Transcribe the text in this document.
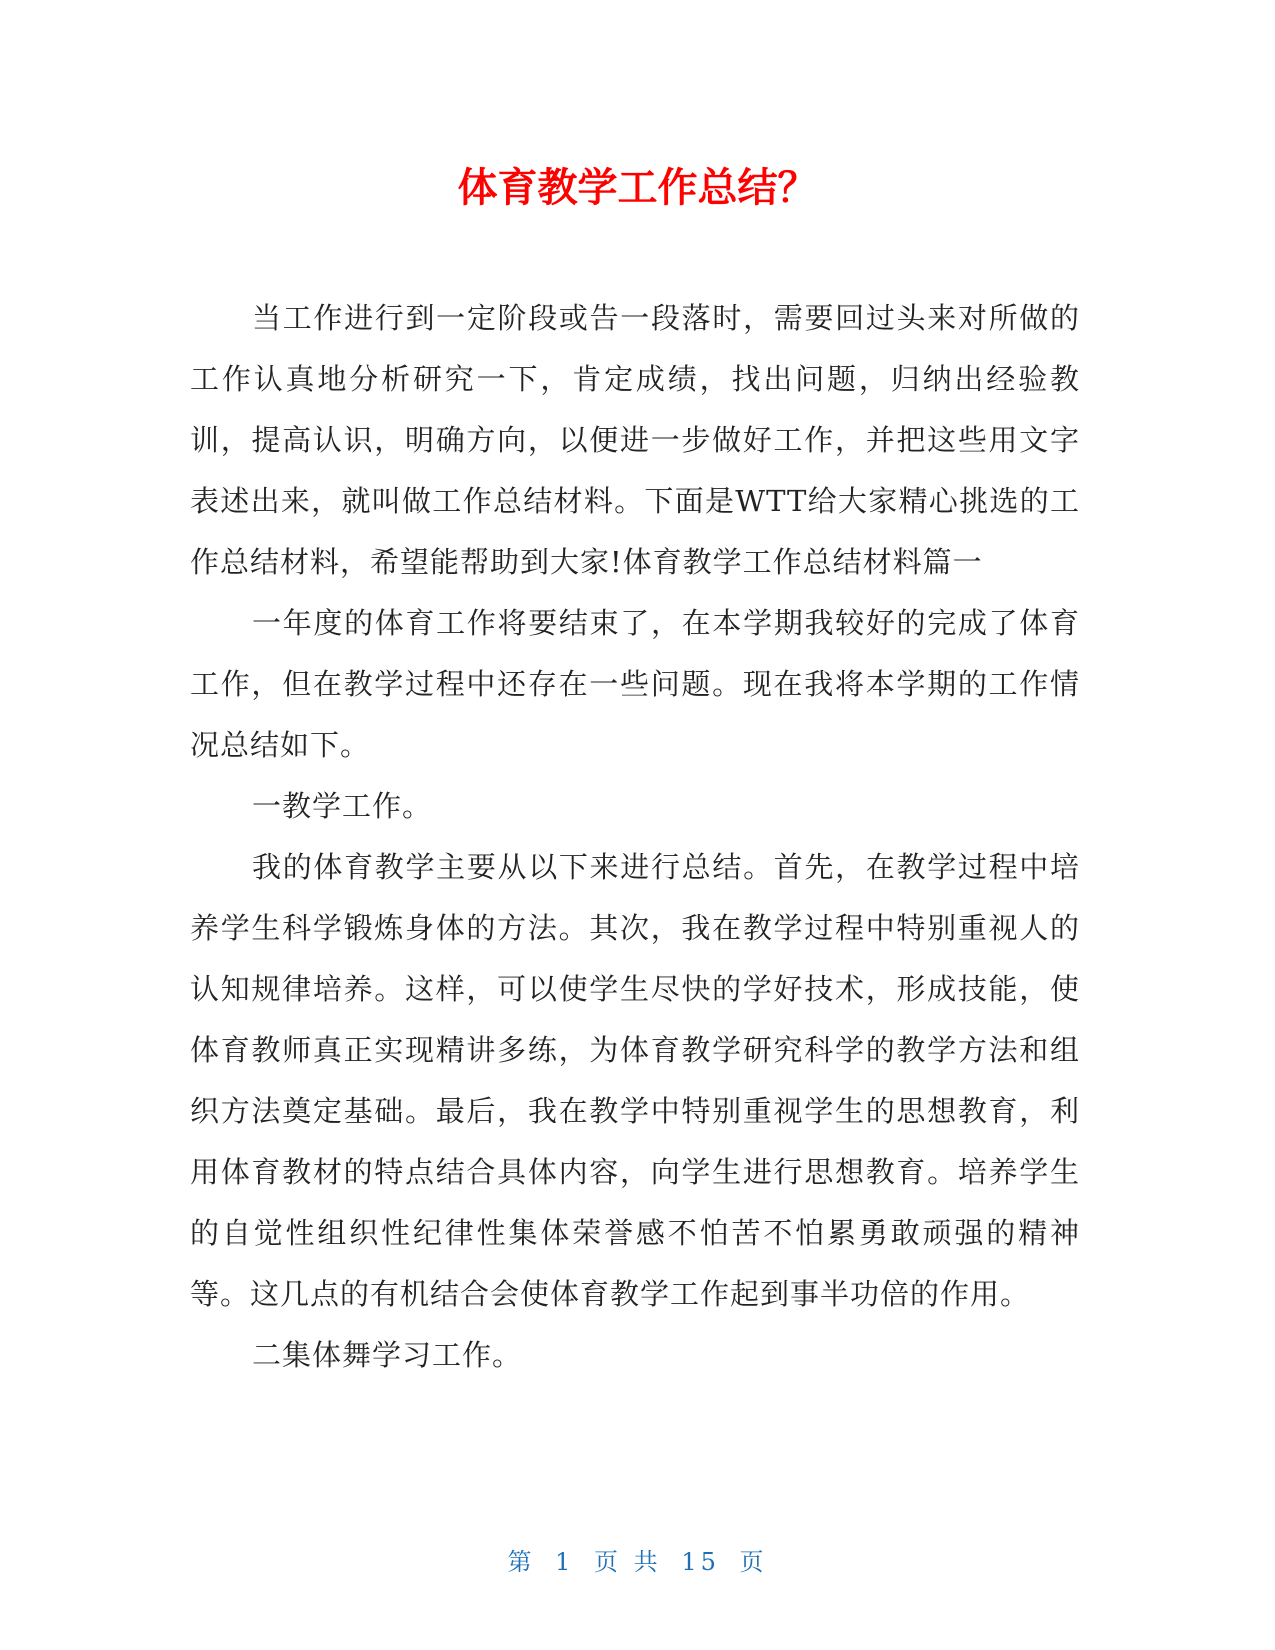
体育教学工作总结？

当工作进行到一定阶段或告一段落时，需要回过头来对所做的工作认真地分析研究一下，肯定成绩，找出问题，归纳出经验教训，提高认识，明确方向，以便进一步做好工作，并把这些用文字表述出来，就叫做工作总结材料。下面是WTT给大家精心挑选的工作总结材料，希望能帮助到大家!体育教学工作总结材料篇一

一年度的体育工作将要结束了，在本学期我较好的完成了体育工作，但在教学过程中还存在一些问题。现在我将本学期的工作情况总结如下。

一教学工作。

我的体育教学主要从以下来进行总结。首先，在教学过程中培养学生科学锻炼身体的方法。其次，我在教学过程中特别重视人的认知规律培养。这样，可以使学生尽快的学好技术，形成技能，使体育教师真正实现精讲多练，为体育教学研究科学的教学方法和组织方法奠定基础。最后，我在教学中特别重视学生的思想教育，利用体育教材的特点结合具体内容，向学生进行思想教育。培养学生的自觉性组织性纪律性集体荣誉感不怕苦不怕累勇敢顽强的精神等。这几点的有机结合会使体育教学工作起到事半功倍的作用。

二集体舞学习工作。

第 1 页 共 15 页
